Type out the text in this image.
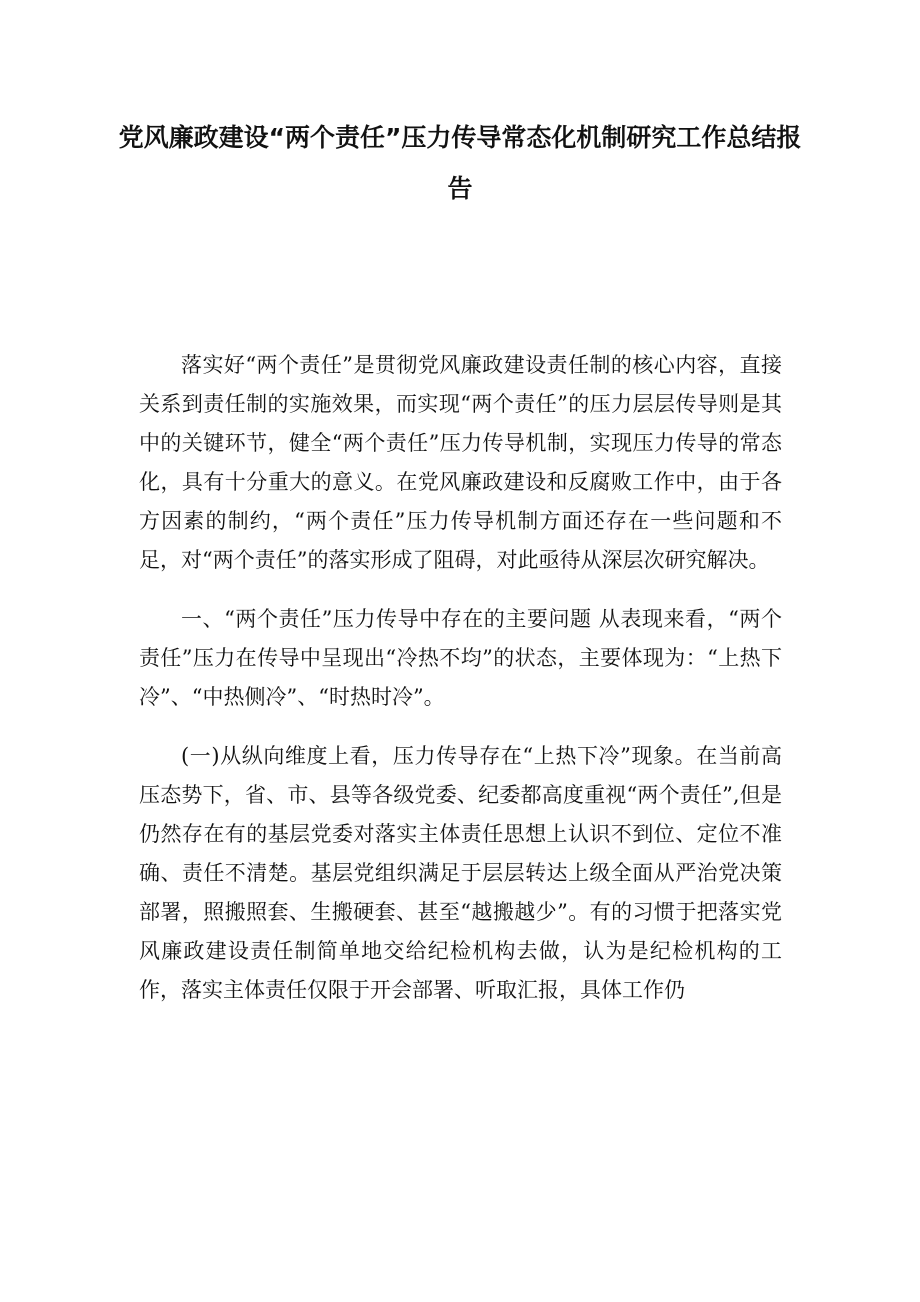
党风廉政建设“两个责任”压力传导常态化机制研究工作总结报告

落实好“两个责任”是贯彻党风廉政建设责任制的核心内容，直接关系到责任制的实施效果，而实现“两个责任”的压力层层传导则是其中的关键环节，健全“两个责任”压力传导机制，实现压力传导的常态化，具有十分重大的意义。在党风廉政建设和反腐败工作中，由于各方因素的制约，“两个责任”压力传导机制方面还存在一些问题和不足，对“两个责任”的落实形成了阻碍，对此亟待从深层次研究解决。

一、“两个责任”压力传导中存在的主要问题 从表现来看，“两个责任”压力在传导中呈现出“冷热不均”的状态，主要体现为：“上热下冷”、“中热侧冷”、“时热时冷”。

(一)从纵向维度上看，压力传导存在“上热下冷”现象。在当前高压态势下，省、市、县等各级党委、纪委都高度重视“两个责任”,但是仍然存在有的基层党委对落实主体责任思想上认识不到位、定位不准确、责任不清楚。基层党组织满足于层层转达上级全面从严治党决策部署，照搬照套、生搬硬套、甚至“越搬越少”。有的习惯于把落实党风廉政建设责任制简单地交给纪检机构去做，认为是纪检机构的工作，落实主体责任仅限于开会部署、听取汇报，具体工作仍
